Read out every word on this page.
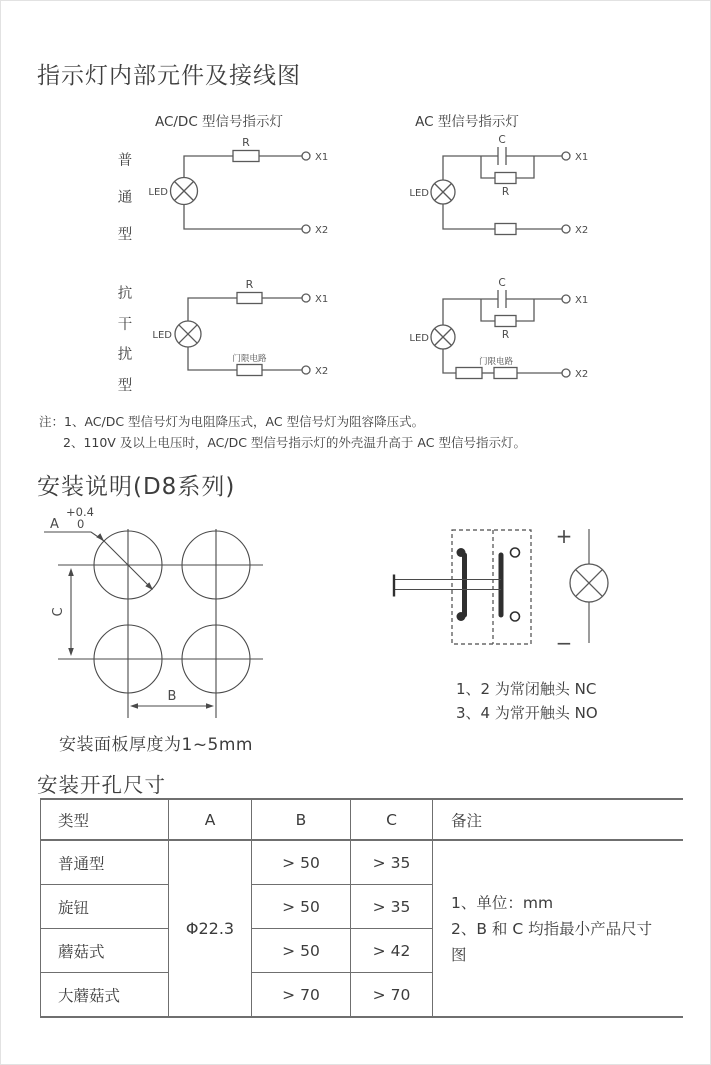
指示灯内部元件及接线图
AC/DC 型信号指示灯	AC 型信号指示灯
普
通
型
抗
干
扰
型
LED
R
X1
X2
LED
C
R
X1
X2
LED
R
X1
门限电路
X2
LED
C
R
X1
门限电路
X2
注：1、AC/DC 型信号灯为电阻降压式，AC 型信号灯为阻容降压式。
2、110V 及以上电压时，AC/DC 型信号指示灯的外壳温升高于 AC 型信号指示灯。
安装说明(D8系列)
A
+0.4
0
C
B
+
−
1、2 为常闭触头 NC
3、4 为常开触头 NO
安装面板厚度为1~5mm
安装开孔尺寸
类型	A	B	C	备注
普通型	Φ22.3	> 50	> 35	1、单位：mm
2、B 和 C 均指最小产品尺寸图

旋钮		> 50	> 35	
蘑菇式		> 50	> 42	
大蘑菇式		> 70	> 70	
